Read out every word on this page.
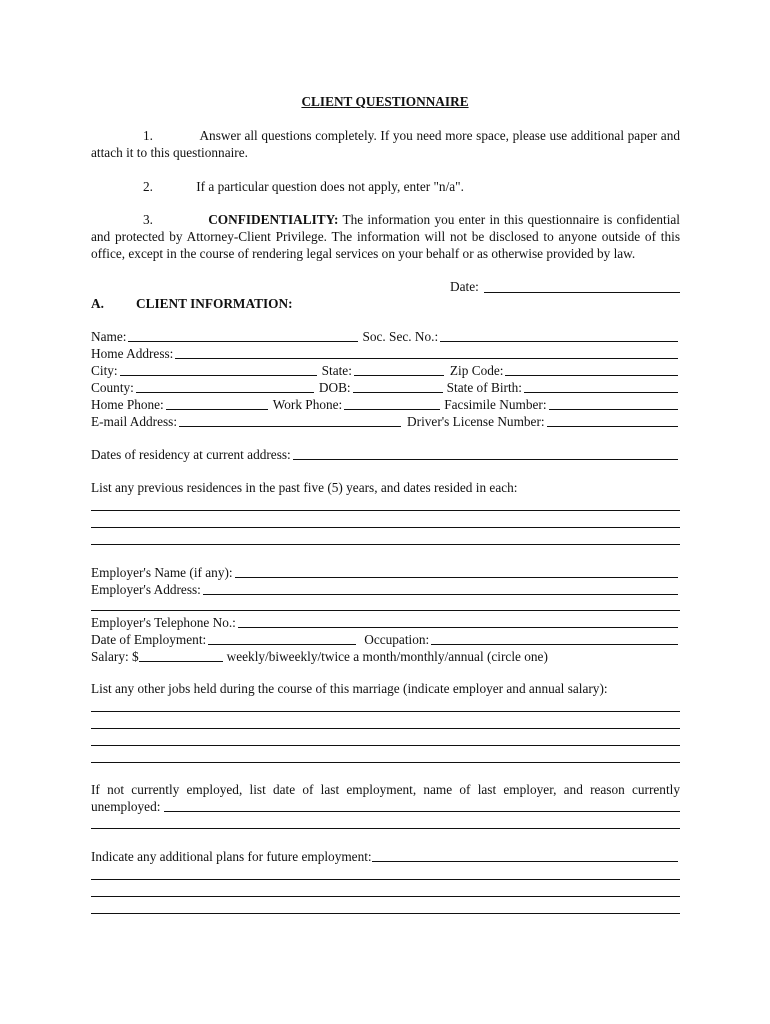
CLIENT QUESTIONNAIRE
1.	Answer all questions completely. If you need more space, please use additional paper and attach it to this questionnaire.
2.	If a particular question does not apply, enter "n/a".
3.	CONFIDENTIALITY: The information you enter in this questionnaire is confidential and protected by Attorney-Client Privilege. The information will not be disclosed to anyone outside of this office, except in the course of rendering legal services on your behalf or as otherwise provided by law.
Date:
A. CLIENT INFORMATION:
Name:	Soc. Sec. No.:
Home Address:
City:	State:	Zip Code:
County:	DOB:	State of Birth:
Home Phone:	Work Phone:	Facsimile Number:
E-mail Address:	Driver's License Number:
Dates of residency at current address:
List any previous residences in the past five (5) years, and dates resided in each:
Employer's Name (if any):
Employer's Address:
Employer's Telephone No.:
Date of Employment:	Occupation:
Salary: $	weekly/biweekly/twice a month/monthly/annual (circle one)
List any other jobs held during the course of this marriage (indicate employer and annual salary):
If not currently employed, list date of last employment, name of last employer, and reason currently unemployed:
Indicate any additional plans for future employment:
